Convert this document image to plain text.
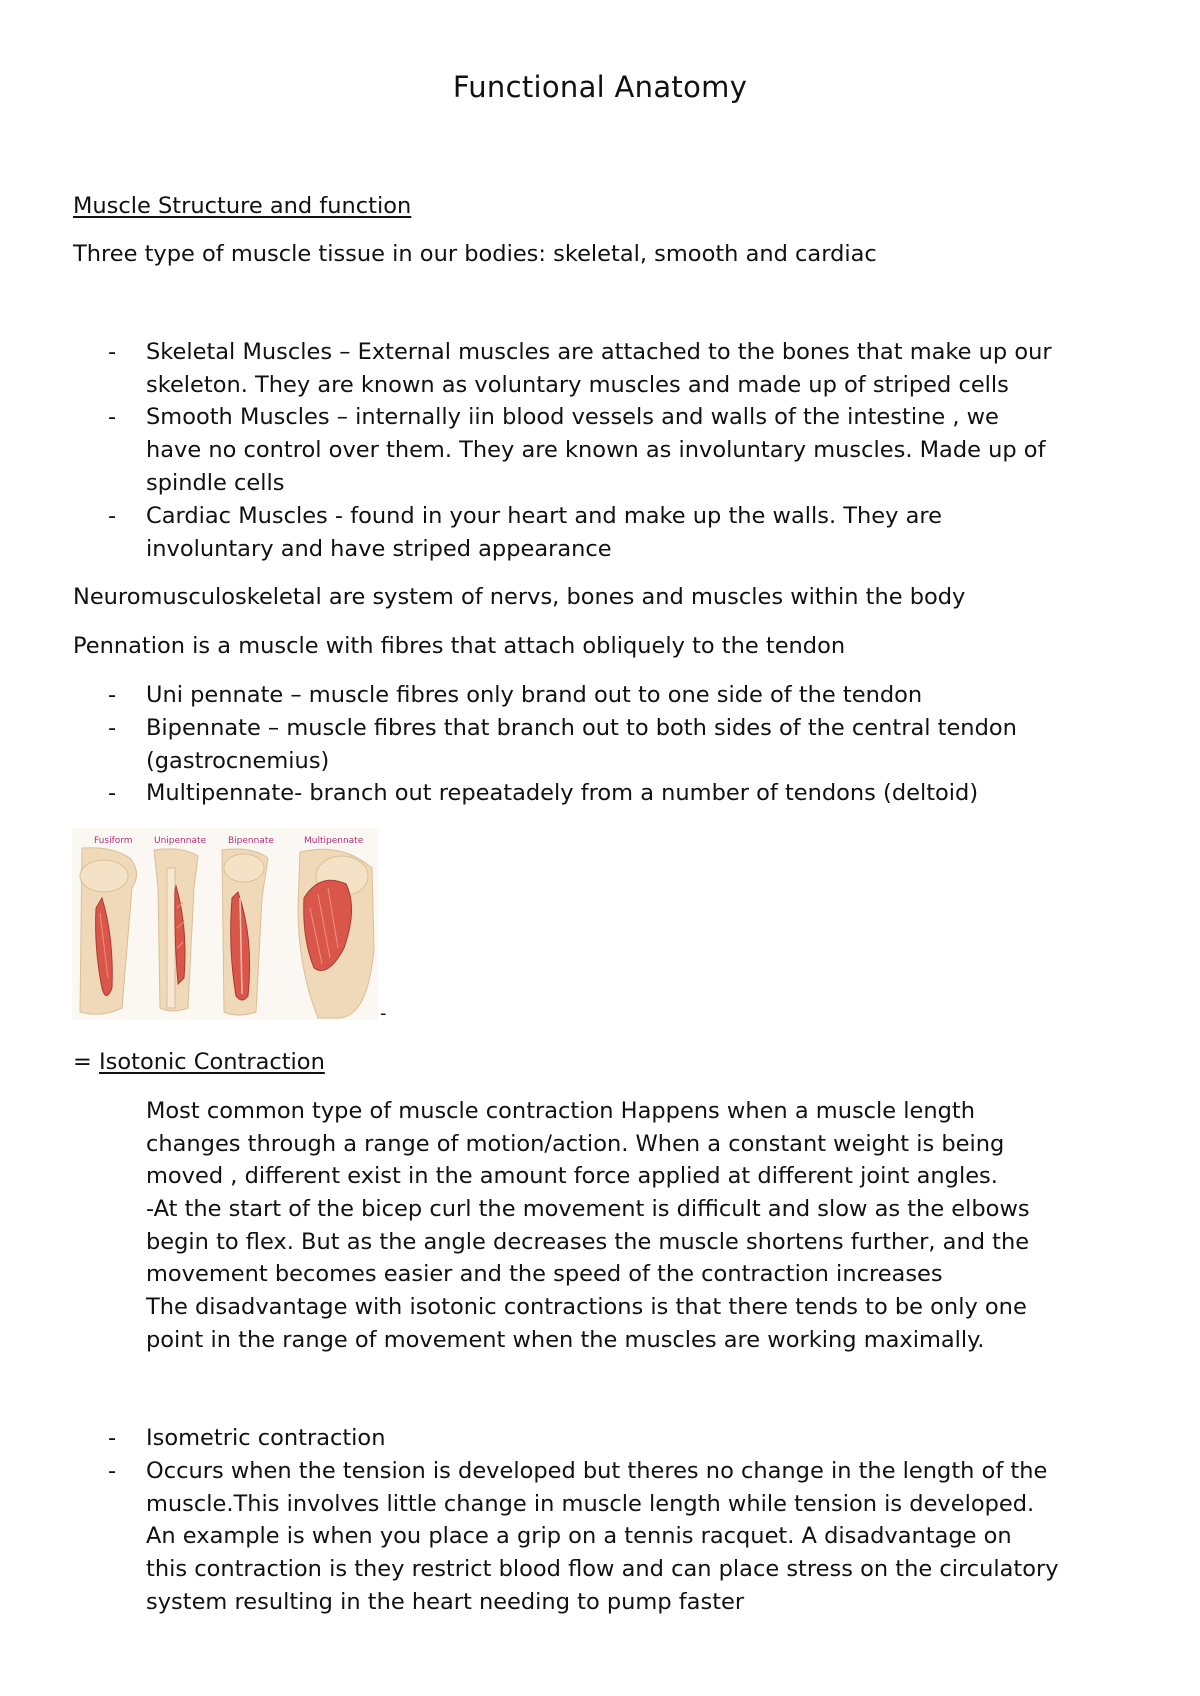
Functional Anatomy
Muscle Structure and function
Three type of muscle tissue in our bodies: skeletal, smooth and cardiac
- Skeletal Muscles – External muscles are attached to the bones that make up our
skeleton. They are known as voluntary muscles and made up of striped cells
- Smooth Muscles – internally iin blood vessels and walls of the intestine , we
have no control over them. They are known as involuntary muscles. Made up of
spindle cells
- Cardiac Muscles - found in your heart and make up the walls. They are
involuntary and have striped appearance
Neuromusculoskeletal are system of nervs, bones and muscles within the body
Pennation is a muscle with fibres that attach obliquely to the tendon
- Uni pennate – muscle fibres only brand out to one side of the tendon
- Bipennate – muscle fibres that branch out to both sides of the central tendon
(gastrocnemius)
- Multipennate- branch out repeatadely from a number of tendons (deltoid)
Fusiform Unipennate Bipennate	Multipennate
-
= Isotonic Contraction
Most common type of muscle contraction Happens when a muscle length
changes through a range of motion/action. When a constant weight is being
moved , different exist in the amount force applied at different joint angles.
-At the start of the bicep curl the movement is difficult and slow as the elbows
begin to flex. But as the angle decreases the muscle shortens further, and the
movement becomes easier and the speed of the contraction increases
The disadvantage with isotonic contractions is that there tends to be only one
point in the range of movement when the muscles are working maximally.
- Isometric contraction
- Occurs when the tension is developed but theres no change in the length of the
muscle.This involves little change in muscle length while tension is developed.
An example is when you place a grip on a tennis racquet. A disadvantage on
this contraction is they restrict blood flow and can place stress on the circulatory
system resulting in the heart needing to pump faster
